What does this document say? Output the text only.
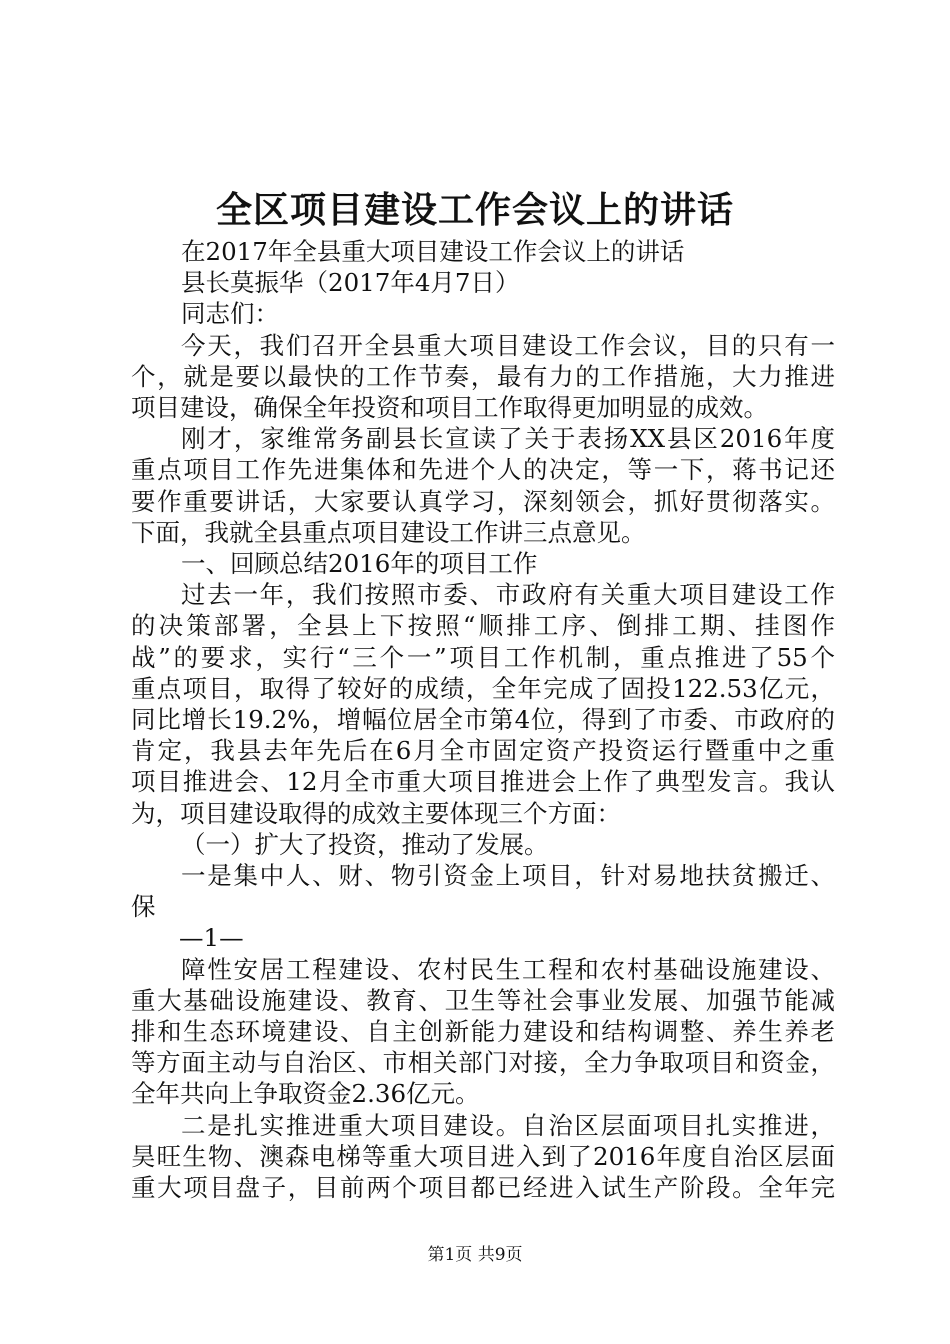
全区项目建设工作会议上的讲话

在2017年全县重大项目建设工作会议上的讲话

县长莫振华（2017年4月7日）

同志们：

今天，我们召开全县重大项目建设工作会议，目的只有一

个，就是要以最快的工作节奏，最有力的工作措施，大力推进

项目建设，确保全年投资和项目工作取得更加明显的成效。

刚才，家维常务副县长宣读了关于表扬XX县区2016年度

重点项目工作先进集体和先进个人的决定，等一下，蒋书记还

要作重要讲话，大家要认真学习，深刻领会，抓好贯彻落实。

下面，我就全县重点项目建设工作讲三点意见。

一、回顾总结2016年的项目工作

过去一年，我们按照市委、市政府有关重大项目建设工作

的决策部署，全县上下按照“顺排工序、倒排工期、挂图作

战”的要求，实行“三个一”项目工作机制，重点推进了55个

重点项目，取得了较好的成绩，全年完成了固投122.53亿元，

同比增长19.2%，增幅位居全市第4位，得到了市委、市政府的

肯定，我县去年先后在6月全市固定资产投资运行暨重中之重

项目推进会、12月全市重大项目推进会上作了典型发言。我认

为，项目建设取得的成效主要体现三个方面：

（一）扩大了投资，推动了发展。

一是集中人、财、物引资金上项目，针对易地扶贫搬迁、

保

—1—

障性安居工程建设、农村民生工程和农村基础设施建设、

重大基础设施建设、教育、卫生等社会事业发展、加强节能减

排和生态环境建设、自主创新能力建设和结构调整、养生养老

等方面主动与自治区、市相关部门对接，全力争取项目和资金，

全年共向上争取资金2.36亿元。

二是扎实推进重大项目建设。自治区层面项目扎实推进，

昊旺生物、澳森电梯等重大项目进入到了2016年度自治区层面

重大项目盘子，目前两个项目都已经进入试生产阶段。全年完

第1页 共9页
